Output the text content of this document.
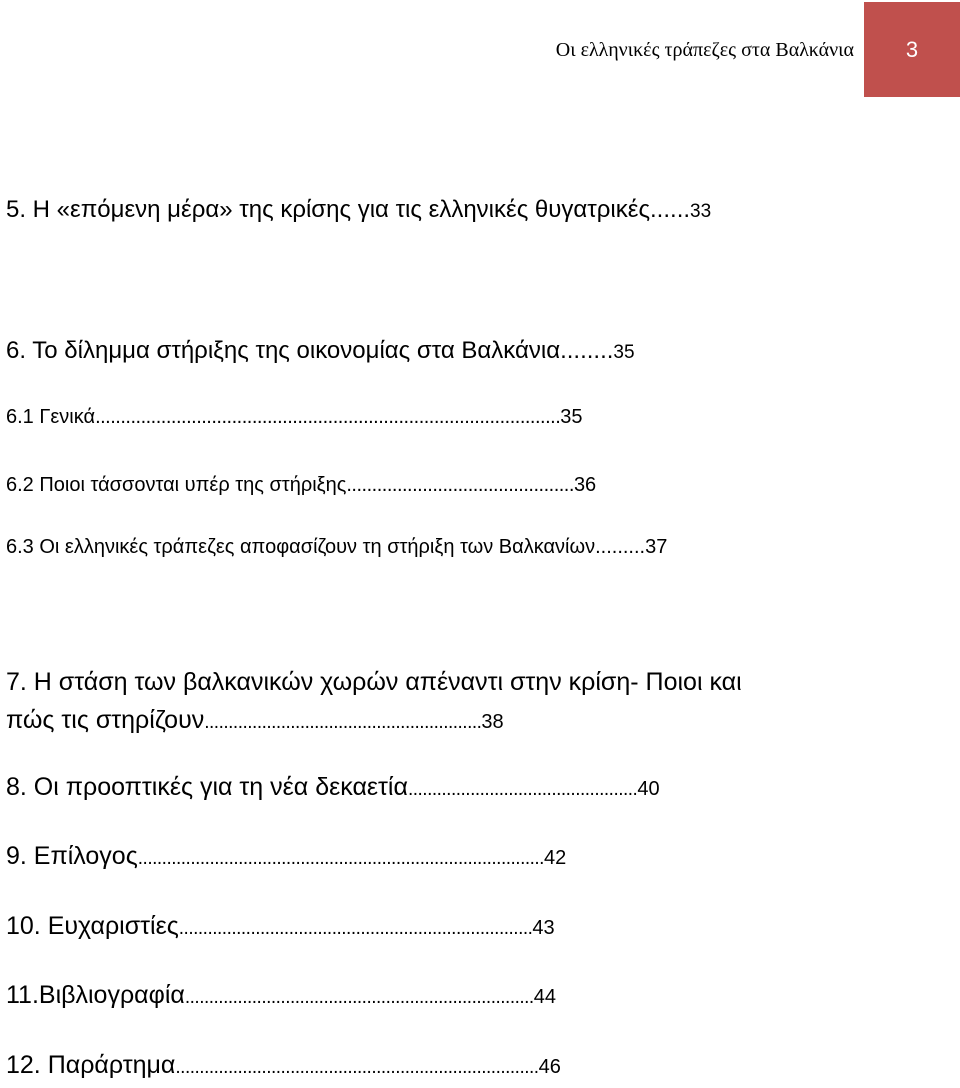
Οι ελληνικές τράπεζες στα Βαλκάνια 3
5. Η «επόμενη μέρα» της κρίσης για τις ελληνικές θυγατρικές ...... 33
6. Το δίλημμα στήριξης της οικονομίας στα Βαλκάνια ........ 35
6.1 Γενικά ............................................................................................ 35
6.2 Ποιοι τάσσονται υπέρ της στήριξης ............................................. 36
6.3 Οι ελληνικές τράπεζες αποφασίζουν τη στήριξη των Βαλκανίων ......... 37
7. Η στάση των βαλκανικών χωρών απέναντι στην κρίση- Ποιοι και
πώς τις στηρίζουν .......................................................... 38
8. Οι προοπτικές για τη νέα δεκαετία ................................................ 40
9. Επίλογος ..................................................................................... 42
10. Ευχαριστίες .......................................................................... 43
11.Βιβλιογραφία ......................................................................... 44
12. Παράρτημα ............................................................................ 46
